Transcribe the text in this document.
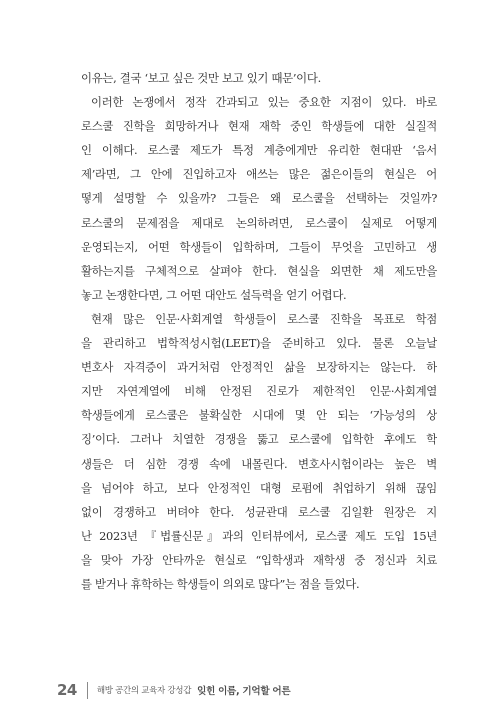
이유는, 결국 ‘보고 싶은 것만 보고 있기 때문’이다.
이러한 논쟁에서 정작 간과되고 있는 중요한 지점이 있다. 바로
로스쿨 진학을 희망하거나 현재 재학 중인 학생들에 대한 실질적
인 이해다. 로스쿨 제도가 특정 계층에게만 유리한 현대판 ‘음서
제’라면, 그 안에 진입하고자 애쓰는 많은 젊은이들의 현실은 어
떻게 설명할 수 있을까? 그들은 왜 로스쿨을 선택하는 것일까?
로스쿨의 문제점을 제대로 논의하려면, 로스쿨이 실제로 어떻게
운영되는지, 어떤 학생들이 입학하며, 그들이 무엇을 고민하고 생
활하는지를 구체적으로 살펴야 한다. 현실을 외면한 채 제도만을
놓고 논쟁한다면, 그 어떤 대안도 설득력을 얻기 어렵다.
현재 많은 인문·사회계열 학생들이 로스쿨 진학을 목표로 학점
을 관리하고 법학적성시험(LEET)을 준비하고 있다. 물론 오늘날
변호사 자격증이 과거처럼 안정적인 삶을 보장하지는 않는다. 하
지만 자연계열에 비해 안정된 진로가 제한적인 인문·사회계열
학생들에게 로스쿨은 불확실한 시대에 몇 안 되는 ‘가능성의 상
징’이다. 그러나 치열한 경쟁을 뚫고 로스쿨에 입학한 후에도 학
생들은 더 심한 경쟁 속에 내몰린다. 변호사시험이라는 높은 벽
을 넘어야 하고, 보다 안정적인 대형 로펌에 취업하기 위해 끊임
없이 경쟁하고 버텨야 한다. 성균관대 로스쿨 김일환 원장은 지
난 2023년 『법률신문』과의 인터뷰에서, 로스쿨 제도 도입 15년
을 맞아 가장 안타까운 현실로 “입학생과 재학생 중 정신과 치료
를 받거나 휴학하는 학생들이 의외로 많다”는 점을 들었다.
24 해방 공간의 교육자 강성갑 잊힌 이름, 기억할 어른
